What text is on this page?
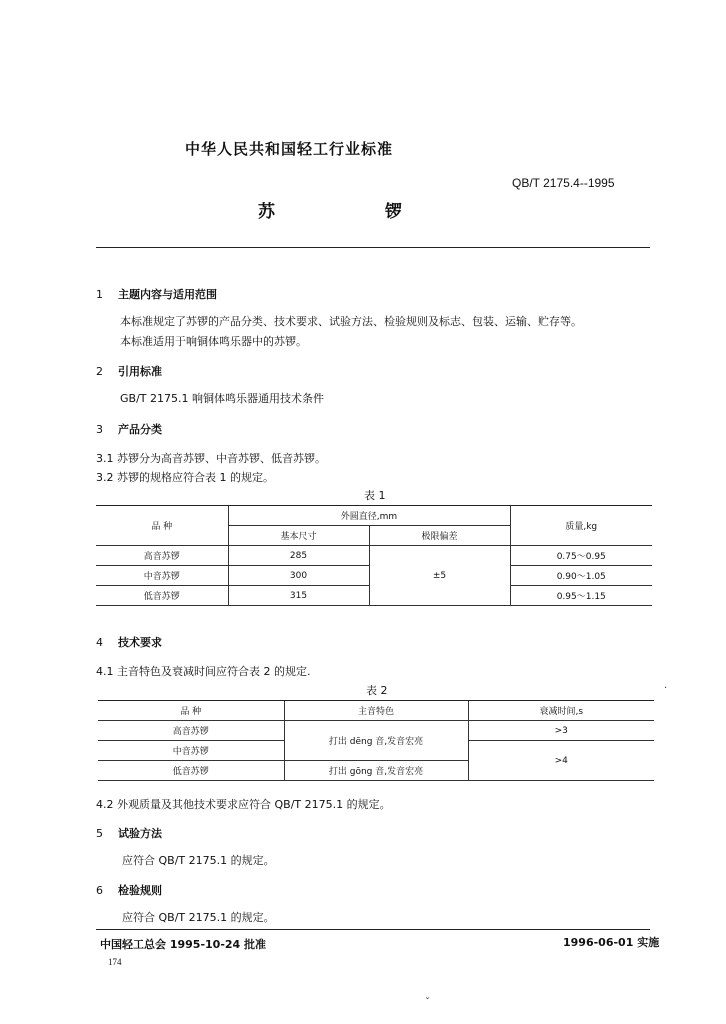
中华人民共和国轻工行业标准
QB/T 2175.4--1995
苏 锣
1 主题内容与适用范围
本标准规定了苏锣的产品分类、技术要求、试验方法、检验规则及标志、包装、运输、贮存等。
本标准适用于响铜体鸣乐器中的苏锣。
2 引用标准
GB/T 2175.1 响铜体鸣乐器通用技术条件
3 产品分类
3.1 苏锣分为高音苏锣、中音苏锣、低音苏锣。
3.2 苏锣的规格应符合表 1 的规定。
表 1
品 种	外圆直径,mm		质量,kg
	基本尺寸	极限偏差	
高音苏锣	285	±5	0.75～0.95
中音苏锣	300		0.90～1.05
低音苏锣	315		0.95～1.15
4 技术要求
4.1 主音特色及衰减时间应符合表 2 的规定.
表 2
品 种	主音特色	衰减时间,s
高音苏锣	打出 dēng 音,发音宏亮	>3
中音苏锣		>4
低音苏锣	打出 gōng 音,发音宏亮	
4.2 外观质量及其他技术要求应符合 QB/T 2175.1 的规定。
5 试验方法
应符合 QB/T 2175.1 的规定。
6 检验规则
应符合 QB/T 2175.1 的规定。
中国轻工总会 1995-10-24 批准	1996-06-01 实施
174
·
ˇ
